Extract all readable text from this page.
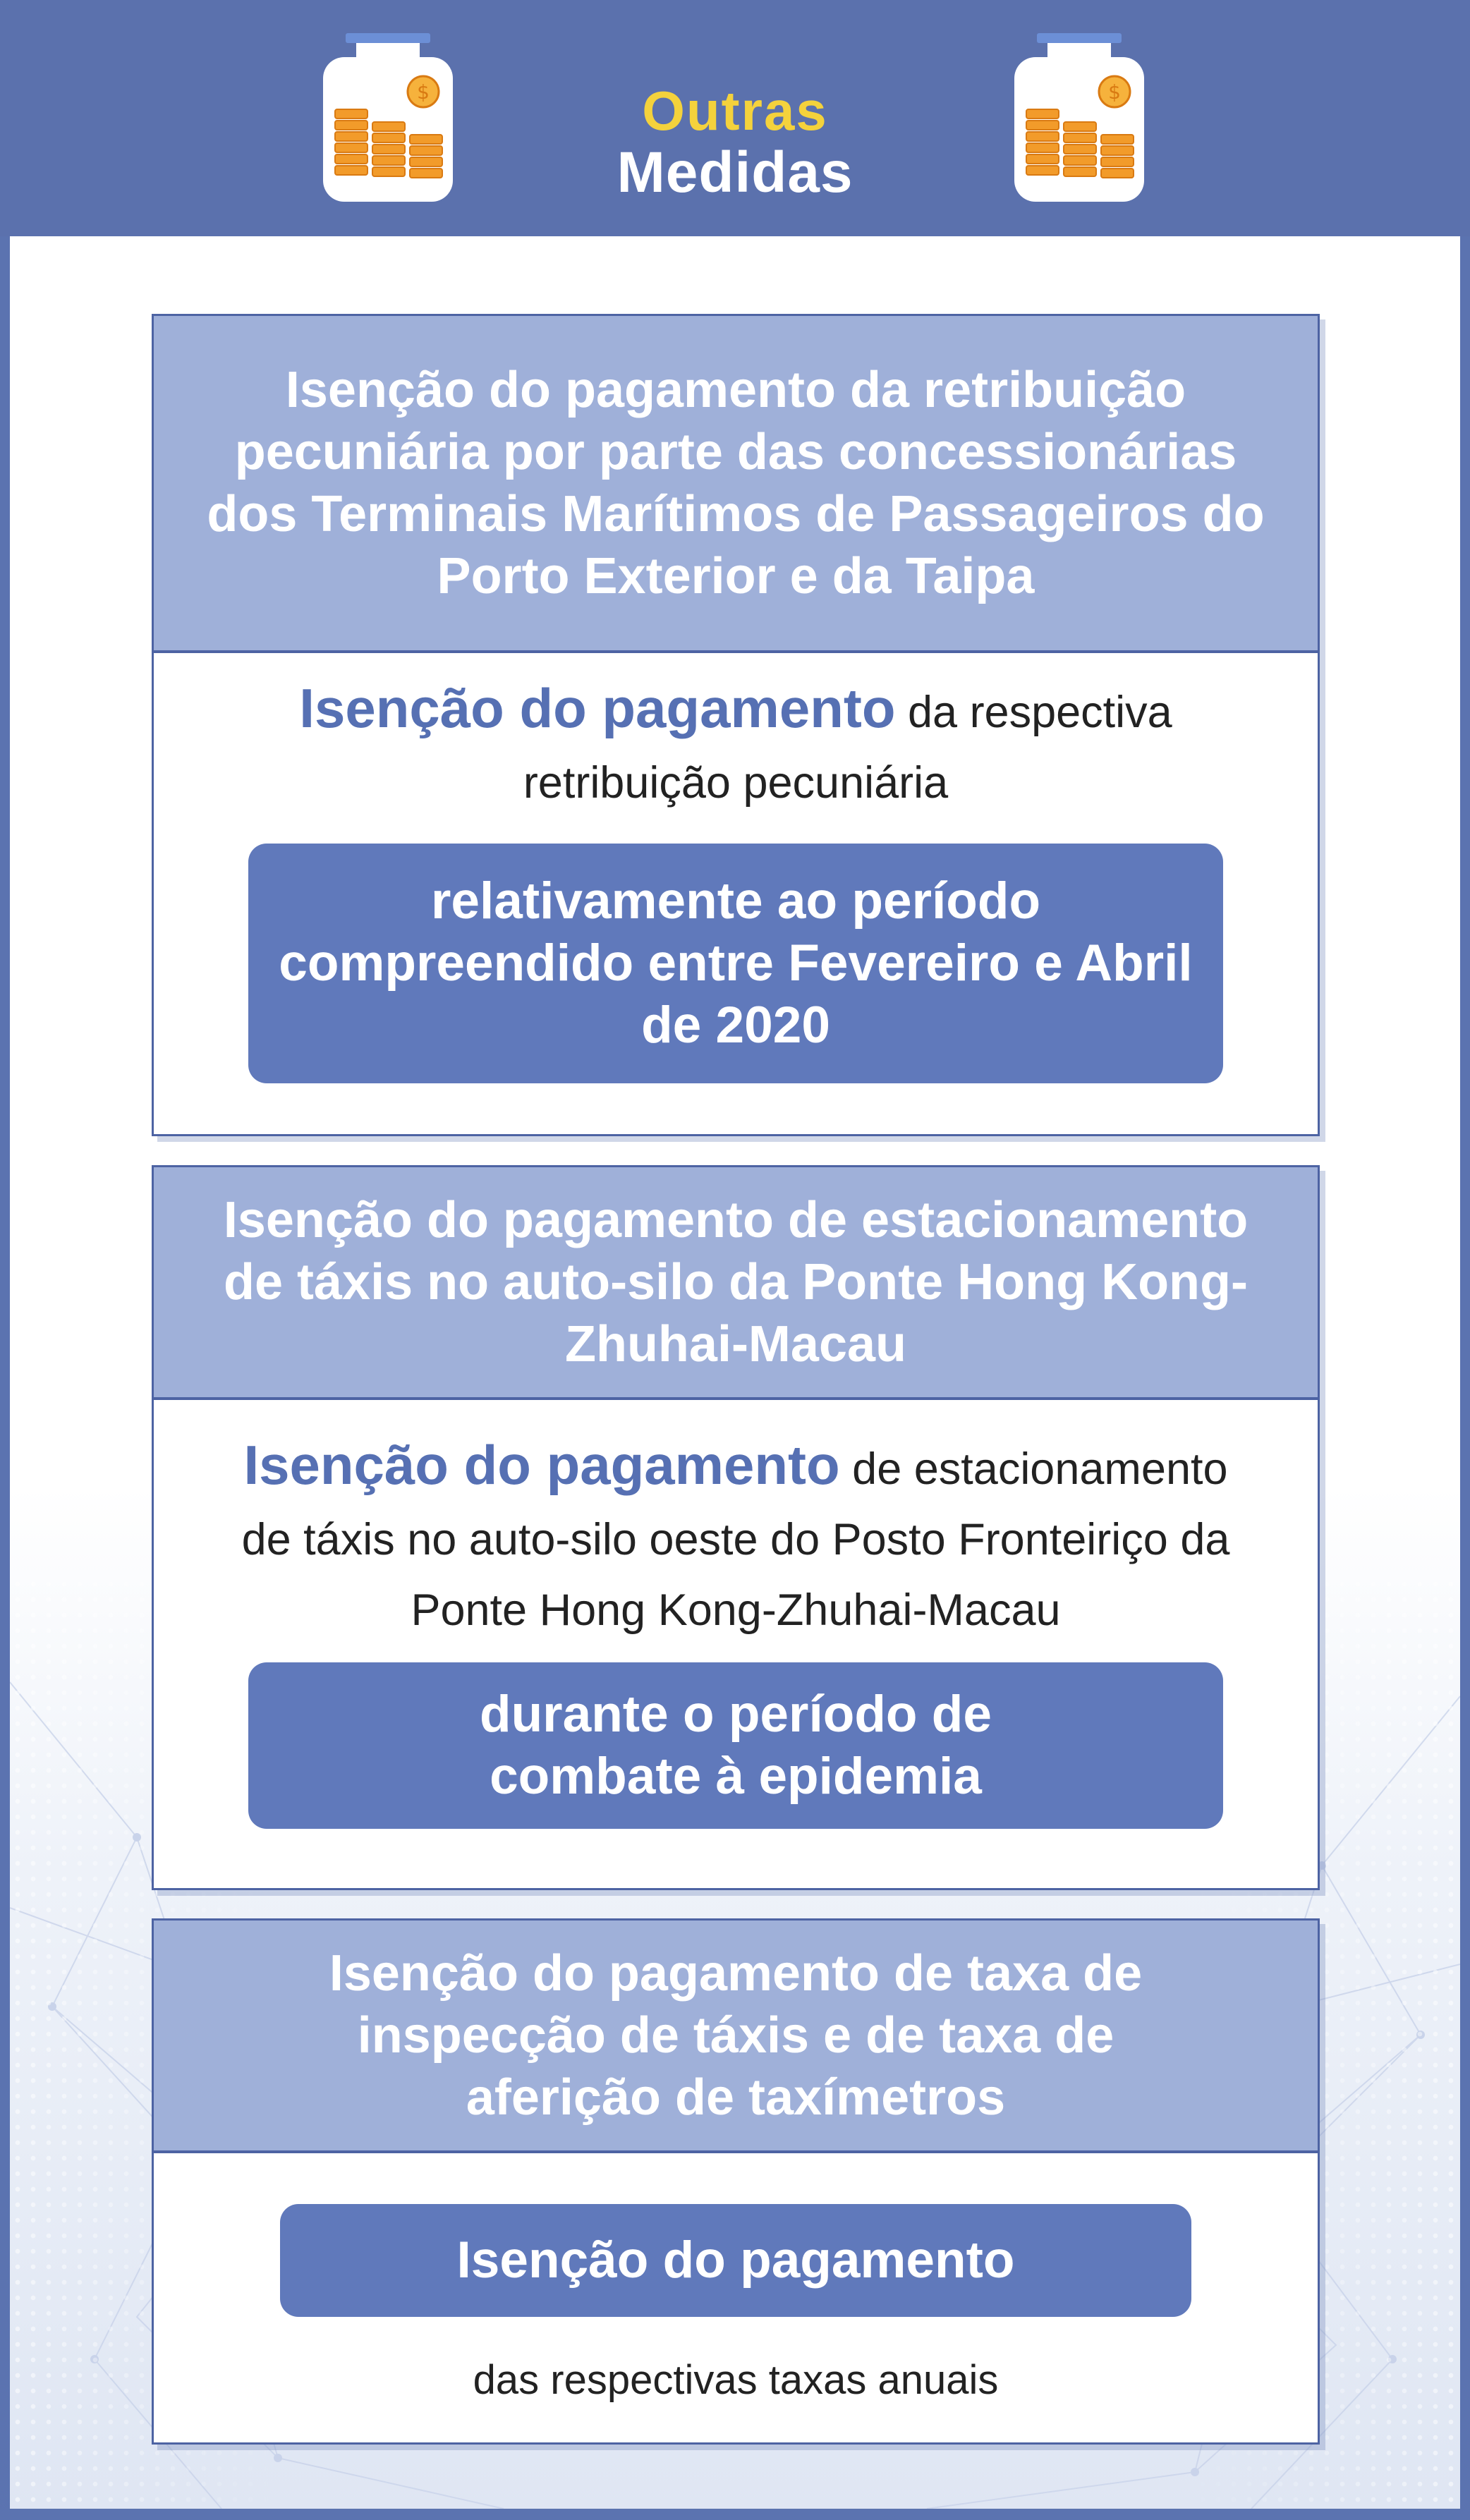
$	Outras
Medidas
$
Isenção do pagamento da retribuição pecuniária por parte das concessionárias dos Terminais Marítimos de Passageiros do Porto Exterior e da Taipa
Isenção do pagamento da respectiva retribuição pecuniária
relativamente ao período compreendido entre Fevereiro e Abril de 2020
Isenção do pagamento de estacionamento de táxis no auto-silo da Ponte Hong Kong-Zhuhai-Macau
Isenção do pagamento de estacionamento de táxis no auto-silo oeste do Posto Fronteiriço da Ponte Hong Kong-Zhuhai-Macau
durante o período de combate à epidemia
Isenção do pagamento de taxa de inspecção de táxis e de taxa de aferição de taxímetros
Isenção do pagamento
das respectivas taxas anuais
